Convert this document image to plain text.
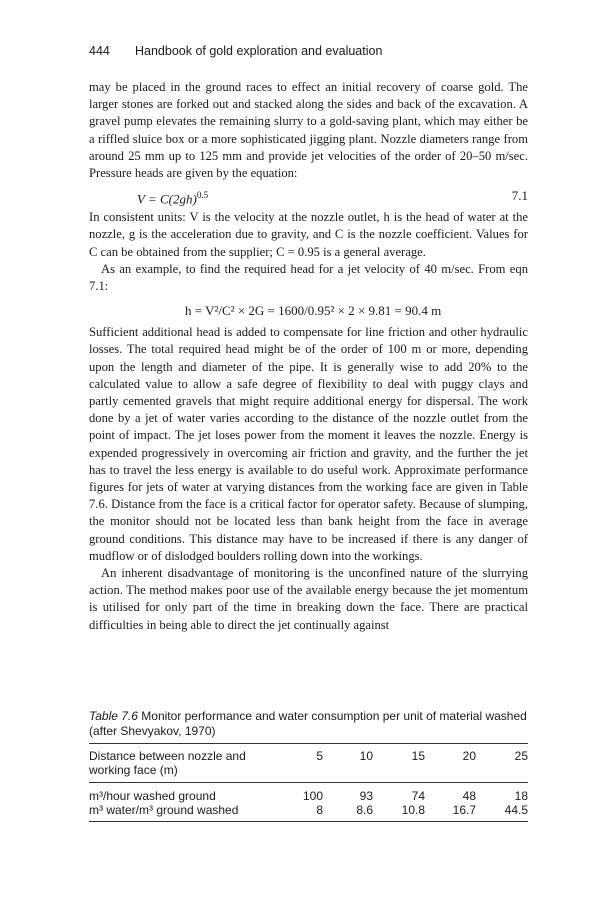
444 Handbook of gold exploration and evaluation

may be placed in the ground races to effect an initial recovery of coarse gold. The larger stones are forked out and stacked along the sides and back of the excavation. A gravel pump elevates the remaining slurry to a gold-saving plant, which may either be a riffled sluice box or a more sophisticated jigging plant. Nozzle diameters range from around 25 mm up to 125 mm and provide jet velocities of the order of 20–50 m/sec. Pressure heads are given by the equation:

$V = C(2gh)^{0.5}$	7.1

In consistent units: V is the velocity at the nozzle outlet, h is the head of water at the nozzle, g is the acceleration due to gravity, and C is the nozzle coefficient. Values for C can be obtained from the supplier; C = 0.95 is a general average.

As an example, to find the required head for a jet velocity of 40 m/sec. From eqn 7.1:

h = V²/C² × 2G = 1600/0.95² × 2 × 9.81 = 90.4 m

Sufficient additional head is added to compensate for line friction and other hydraulic losses. The total required head might be of the order of 100 m or more, depending upon the length and diameter of the pipe. It is generally wise to add 20% to the calculated value to allow a safe degree of flexibility to deal with puggy clays and partly cemented gravels that might require additional energy for dispersal. The work done by a jet of water varies according to the distance of the nozzle outlet from the point of impact. The jet loses power from the moment it leaves the nozzle. Energy is expended progressively in overcoming air friction and gravity, and the further the jet has to travel the less energy is available to do useful work. Approximate performance figures for jets of water at varying distances from the working face are given in Table 7.6. Distance from the face is a critical factor for operator safety. Because of slumping, the monitor should not be located less than bank height from the face in average ground conditions. This distance may have to be increased if there is any danger of mudflow or of dislodged boulders rolling down into the workings.

An inherent disadvantage of monitoring is the unconfined nature of the slurrying action. The method makes poor use of the available energy because the jet momentum is utilised for only part of the time in breaking down the face. There are practical difficulties in being able to direct the jet continually against

Table 7.6 Monitor performance and water consumption per unit of material washed (after Shevyakov, 1970)
Distance between nozzle and working face (m)	5	10	15	20	25
m³/hour washed ground	100	93	74	48	18
m³ water/m³ ground washed	8	8.6	10.8	16.7	44.5
